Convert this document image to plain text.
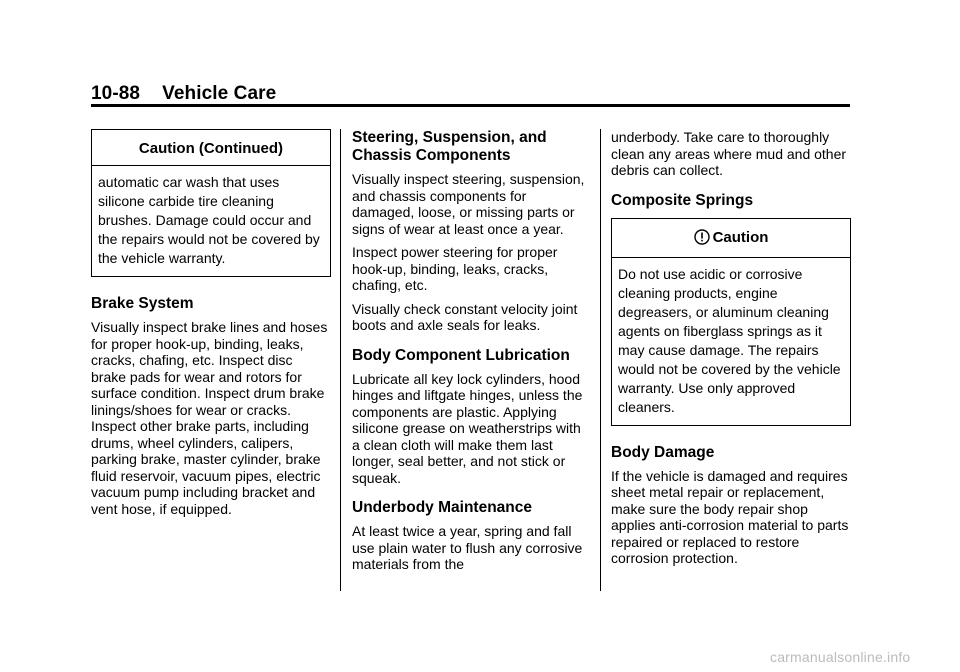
10-88 Vehicle Care
Caution (Continued)
automatic car wash that uses silicone carbide tire cleaning brushes. Damage could occur and the repairs would not be covered by the vehicle warranty.
Brake System

Visually inspect brake lines and hoses for proper hook-up, binding, leaks, cracks, chafing, etc. Inspect disc brake pads for wear and rotors for surface condition. Inspect drum brake linings/shoes for wear or cracks. Inspect other brake parts, including drums, wheel cylinders, calipers, parking brake, master cylinder, brake fluid reservoir, vacuum pipes, electric vacuum pump including bracket and vent hose, if equipped.

Steering, Suspension, and Chassis Components

Visually inspect steering, suspension, and chassis components for damaged, loose, or missing parts or signs of wear at least once a year.

Inspect power steering for proper hook-up, binding, leaks, cracks, chafing, etc.

Visually check constant velocity joint boots and axle seals for leaks.

Body Component Lubrication

Lubricate all key lock cylinders, hood hinges and liftgate hinges, unless the components are plastic. Applying silicone grease on weatherstrips with a clean cloth will make them last longer, seal better, and not stick or squeak.

Underbody Maintenance

At least twice a year, spring and fall use plain water to flush any corrosive materials from the

underbody. Take care to thoroughly clean any areas where mud and other debris can collect.

Composite Springs
Caution
Do not use acidic or corrosive cleaning products, engine degreasers, or aluminum cleaning agents on fiberglass springs as it may cause damage. The repairs would not be covered by the vehicle warranty. Use only approved cleaners.
Body Damage

If the vehicle is damaged and requires sheet metal repair or replacement, make sure the body repair shop applies anti-corrosion material to parts repaired or replaced to restore corrosion protection.

carmanualsonline.info
